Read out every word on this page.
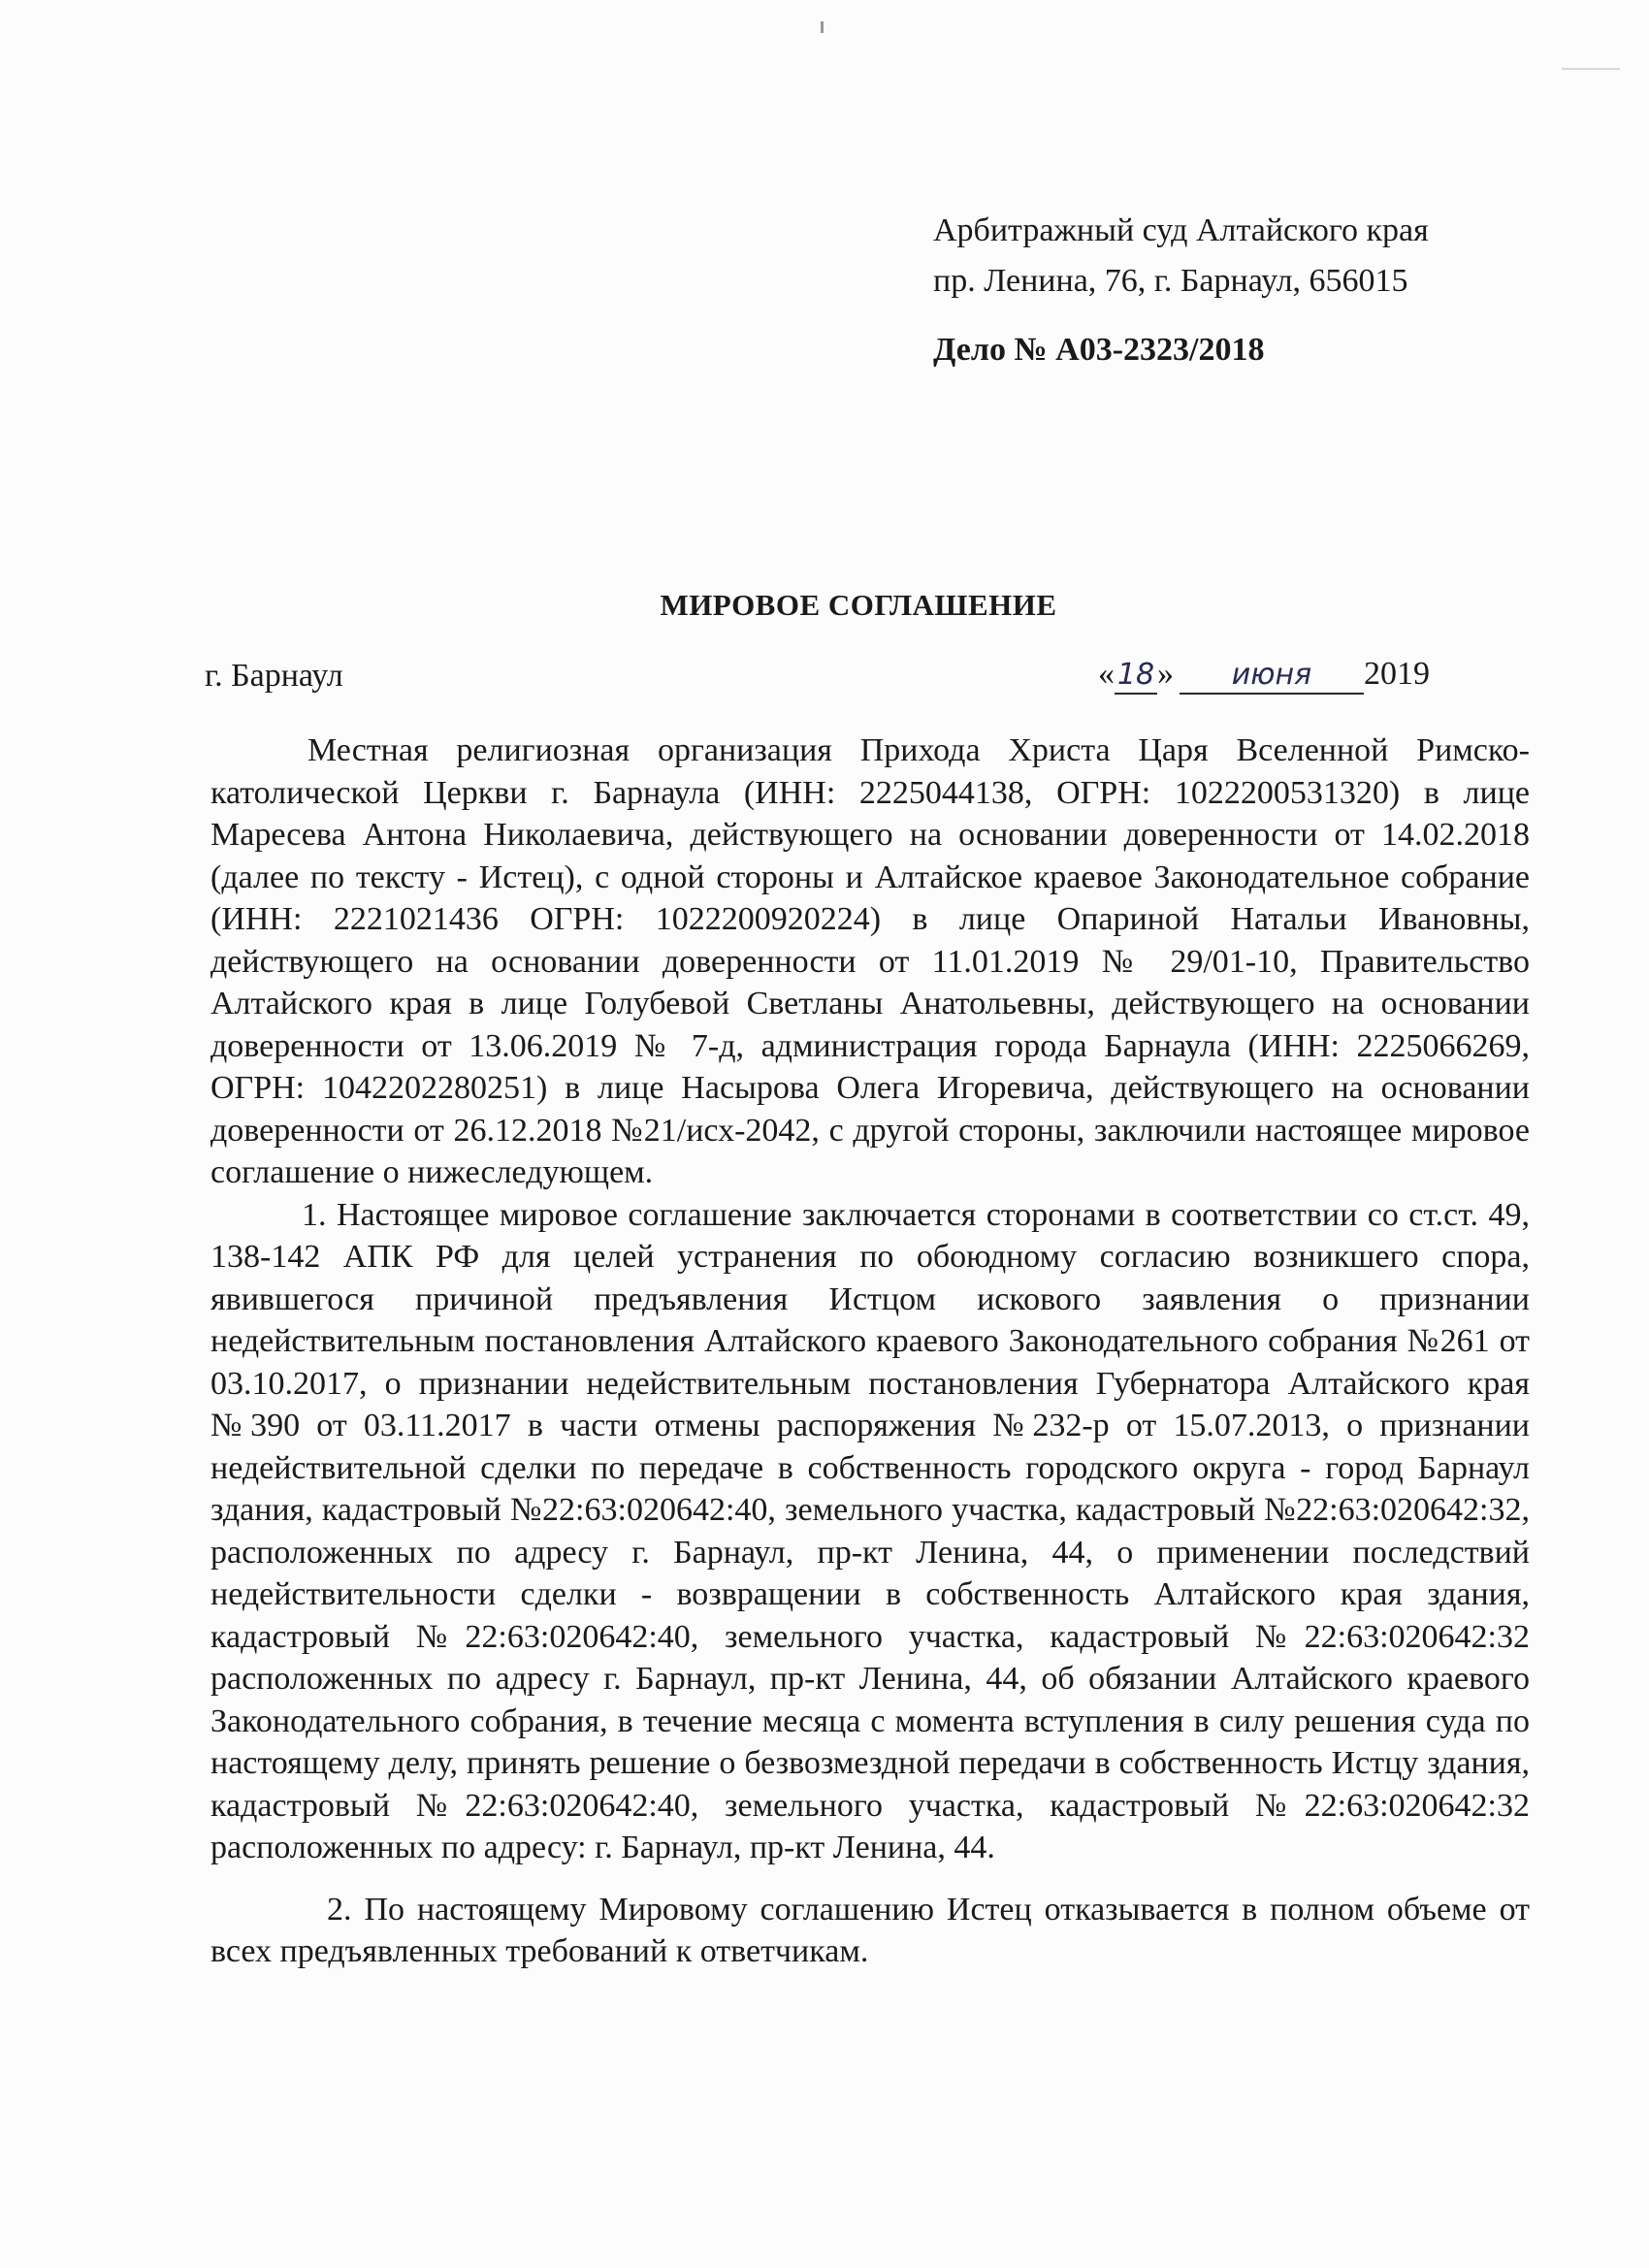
Арбитражный суд Алтайского края
пр. Ленина, 76, г. Барнаул, 656015
Дело № А03-2323/2018
МИРОВОЕ СОГЛАШЕНИЕ
г. Барнаул	«18» июня 2019

Местная религиозная организация Прихода Христа Царя Вселенной Римско-католической Церкви г. Барнаула (ИНН: 2225044138, ОГРН: 1022200531320) в лице Маресева Антона Николаевича, действующего на основании доверенности от 14.02.2018 (далее по тексту - Истец), с одной стороны и Алтайское краевое Законодательное собрание (ИНН: 2221021436 ОГРН: 1022200920224) в лице Опариной Натальи Ивановны, действующего на основании доверенности от 11.01.2019 № 29/01-10, Правительство Алтайского края в лице Голубевой Светланы Анатольевны, действующего на основании доверенности от 13.06.2019 № 7-д, администрация города Барнаула (ИНН: 2225066269, ОГРН: 1042202280251) в лице Насырова Олега Игоревича, действующего на основании доверенности от 26.12.2018 №21/исх-2042, с другой стороны, заключили настоящее мировое соглашение о нижеследующем.

1. Настоящее мировое соглашение заключается сторонами в соответствии со ст.ст. 49, 138-142 АПК РФ для целей устранения по обоюдному согласию возникшего спора, явившегося причиной предъявления Истцом искового заявления о признании недействительным постановления Алтайского краевого Законодательного собрания №261 от 03.10.2017, о признании недействительным постановления Губернатора Алтайского края №390 от 03.11.2017 в части отмены распоряжения №232-р от 15.07.2013, о признании недействительной сделки по передаче в собственность городского округа - город Барнаул здания, кадастровый №22:63:020642:40, земельного участка, кадастровый №22:63:020642:32, расположенных по адресу г. Барнаул, пр-кт Ленина, 44, о применении последствий недействительности сделки - возвращении в собственность Алтайского края здания, кадастровый №22:63:020642:40, земельного участка, кадастровый №22:63:020642:32 расположенных по адресу г. Барнаул, пр-кт Ленина, 44, об обязании Алтайского краевого Законодательного собрания, в течение месяца с момента вступления в силу решения суда по настоящему делу, принять решение о безвозмездной передачи в собственность Истцу здания, кадастровый №22:63:020642:40, земельного участка, кадастровый №22:63:020642:32 расположенных по адресу: г. Барнаул, пр-кт Ленина, 44.

2. По настоящему Мировому соглашению Истец отказывается в полном объеме от всех предъявленных требований к ответчикам.
